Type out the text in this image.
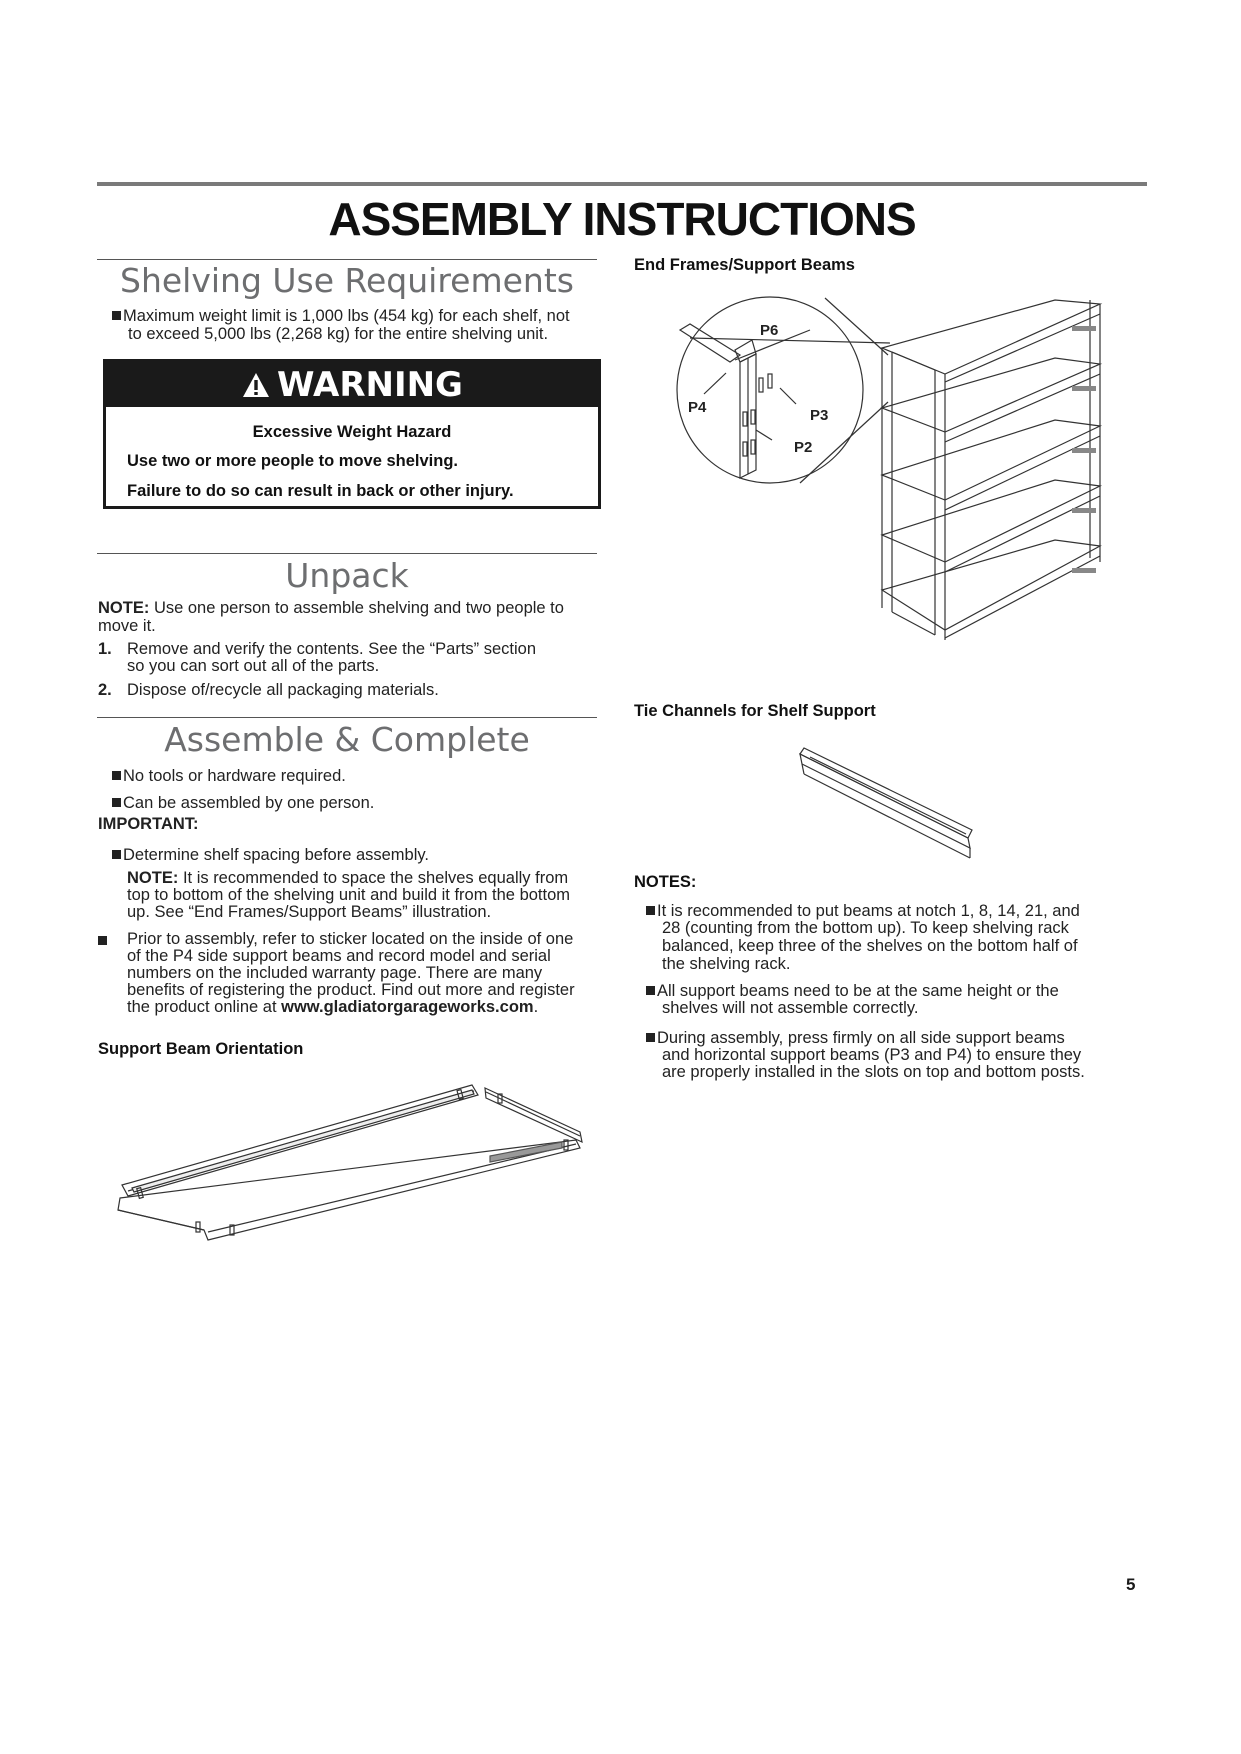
ASSEMBLY INSTRUCTIONS
Shelving Use Requirements
Maximum weight limit is 1,000 lbs (454 kg) for each shelf, not
to exceed 5,000 lbs (2,268 kg) for the entire shelving unit.
WARNING
Excessive Weight Hazard
Use two or more people to move shelving.
Failure to do so can result in back or other injury.
Unpack
NOTE: Use one person to assemble shelving and two people to
move it.
1. Remove and verify the contents. See the “Parts” section
so you can sort out all of the parts.
2. Dispose of/recycle all packaging materials.
Assemble & Complete
No tools or hardware required.
Can be assembled by one person.
IMPORTANT:
Determine shelf spacing before assembly.
NOTE: It is recommended to space the shelves equally from
top to bottom of the shelving unit and build it from the bottom
up. See “End Frames/Support Beams” illustration.
Prior to assembly, refer to sticker located on the inside of one
of the P4 side support beams and record model and serial
numbers on the included warranty page. There are many
benefits of registering the product. Find out more and register
the product online at www.gladiatorgarageworks.com.
Support Beam Orientation
End Frames/Support Beams
P6
P4	P3
P2
Tie Channels for Shelf Support
NOTES:
It is recommended to put beams at notch 1, 8, 14, 21, and
28 (counting from the bottom up). To keep shelving rack
balanced, keep three of the shelves on the bottom half of
the shelving rack.
All support beams need to be at the same height or the
shelves will not assemble correctly.
During assembly, press firmly on all side support beams
and horizontal support beams (P3 and P4) to ensure they
are properly installed in the slots on top and bottom posts.
5
